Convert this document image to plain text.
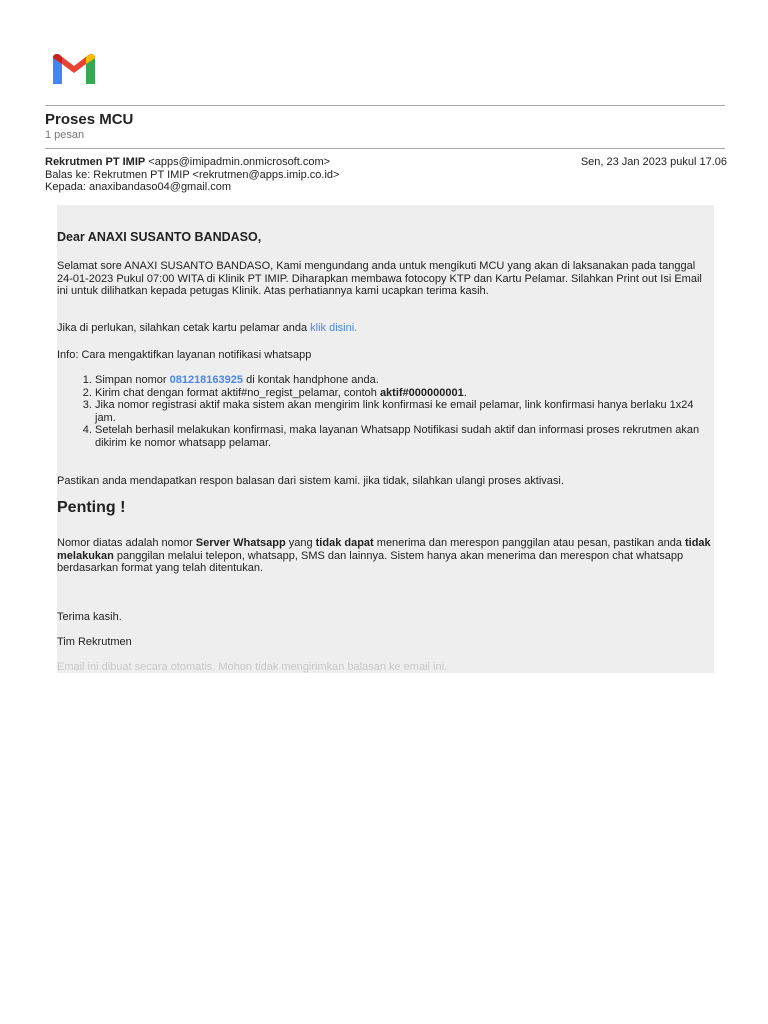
Proses MCU
1 pesan
Rekrutmen PT IMIP <apps@imipadmin.onmicrosoft.com>	Sen, 23 Jan 2023 pukul 17.06
Balas ke: Rekrutmen PT IMIP <rekrutmen@apps.imip.co.id>
Kepada: anaxibandaso04@gmail.com

Dear ANAXI SUSANTO BANDASO,

Selamat sore ANAXI SUSANTO BANDASO, Kami mengundang anda untuk mengikuti MCU yang akan di laksanakan pada tanggal 24-01-2023 Pukul 07:00 WITA di Klinik PT IMIP. Diharapkan membawa fotocopy KTP dan Kartu Pelamar. Silahkan Print out Isi Email ini untuk dilihatkan kepada petugas Klinik. Atas perhatiannya kami ucapkan terima kasih.

Jika di perlukan, silahkan cetak kartu pelamar anda klik disini.

Info: Cara mengaktifkan layanan notifikasi whatsapp

1. Simpan nomor 081218163925 di kontak handphone anda.
2. Kirim chat dengan format aktif#no_regist_pelamar, contoh aktif#000000001.
3. Jika nomor registrasi aktif maka sistem akan mengirim link konfirmasi ke email pelamar, link konfirmasi hanya berlaku 1x24 jam.
4. Setelah berhasil melakukan konfirmasi, maka layanan Whatsapp Notifikasi sudah aktif dan informasi proses rekrutmen akan dikirim ke nomor whatsapp pelamar.

Pastikan anda mendapatkan respon balasan dari sistem kami. jika tidak, silahkan ulangi proses aktivasi.

Penting !

Nomor diatas adalah nomor Server Whatsapp yang tidak dapat menerima dan merespon panggilan atau pesan, pastikan anda tidak melakukan panggilan melalui telepon, whatsapp, SMS dan lainnya. Sistem hanya akan menerima dan merespon chat whatsapp berdasarkan format yang telah ditentukan.

Terima kasih.

Tim Rekrutmen

Email ini dibuat secara otomatis. Mohon tidak mengirimkan balasan ke email ini.
